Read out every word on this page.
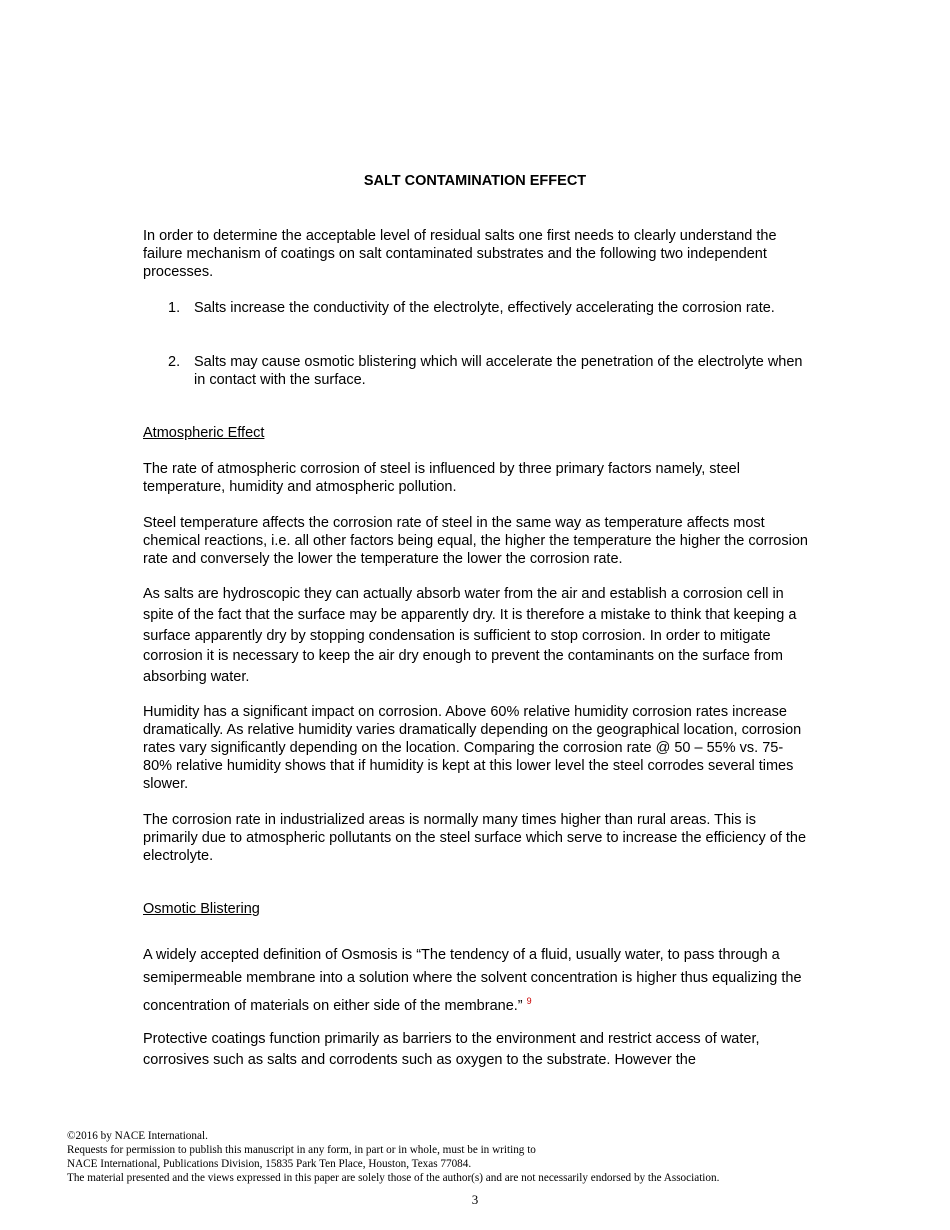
SALT CONTAMINATION EFFECT

In order to determine the acceptable level of residual salts one first needs to clearly understand the failure mechanism of coatings on salt contaminated substrates and the following two independent processes.

1. Salts increase the conductivity of the electrolyte, effectively accelerating the corrosion rate.
2. Salts may cause osmotic blistering which will accelerate the penetration of the electrolyte when in contact with the surface.
Atmospheric Effect
The rate of atmospheric corrosion of steel is influenced by three primary factors namely, steel temperature, humidity and atmospheric pollution.
Steel temperature affects the corrosion rate of steel in the same way as temperature affects most chemical reactions, i.e. all other factors being equal, the higher the temperature the higher the corrosion rate and conversely the lower the temperature the lower the corrosion rate.
As salts are hydroscopic they can actually absorb water from the air and establish a corrosion cell in spite of the fact that the surface may be apparently dry. It is therefore a mistake to think that keeping a surface apparently dry by stopping condensation is sufficient to stop corrosion. In order to mitigate corrosion it is necessary to keep the air dry enough to prevent the contaminants on the surface from absorbing water.
Humidity has a significant impact on corrosion. Above 60% relative humidity corrosion rates increase dramatically. As relative humidity varies dramatically depending on the geographical location, corrosion rates vary significantly depending on the location. Comparing the corrosion rate @ 50 – 55% vs. 75-80% relative humidity shows that if humidity is kept at this lower level the steel corrodes several times slower.
The corrosion rate in industrialized areas is normally many times higher than rural areas. This is primarily due to atmospheric pollutants on the steel surface which serve to increase the efficiency of the electrolyte.
Osmotic Blistering
A widely accepted definition of Osmosis is “The tendency of a fluid, usually water, to pass through a semipermeable membrane into a solution where the solvent concentration is higher thus equalizing the concentration of materials on either side of the membrane.” $^9$
Protective coatings function primarily as barriers to the environment and restrict access of water, corrosives such as salts and corrodents such as oxygen to the substrate. However the
©2016 by NACE International.
Requests for permission to publish this manuscript in any form, in part or in whole, must be in writing to
NACE International, Publications Division, 15835 Park Ten Place, Houston, Texas 77084.
The material presented and the views expressed in this paper are solely those of the author(s) and are not necessarily endorsed by the Association.
3
